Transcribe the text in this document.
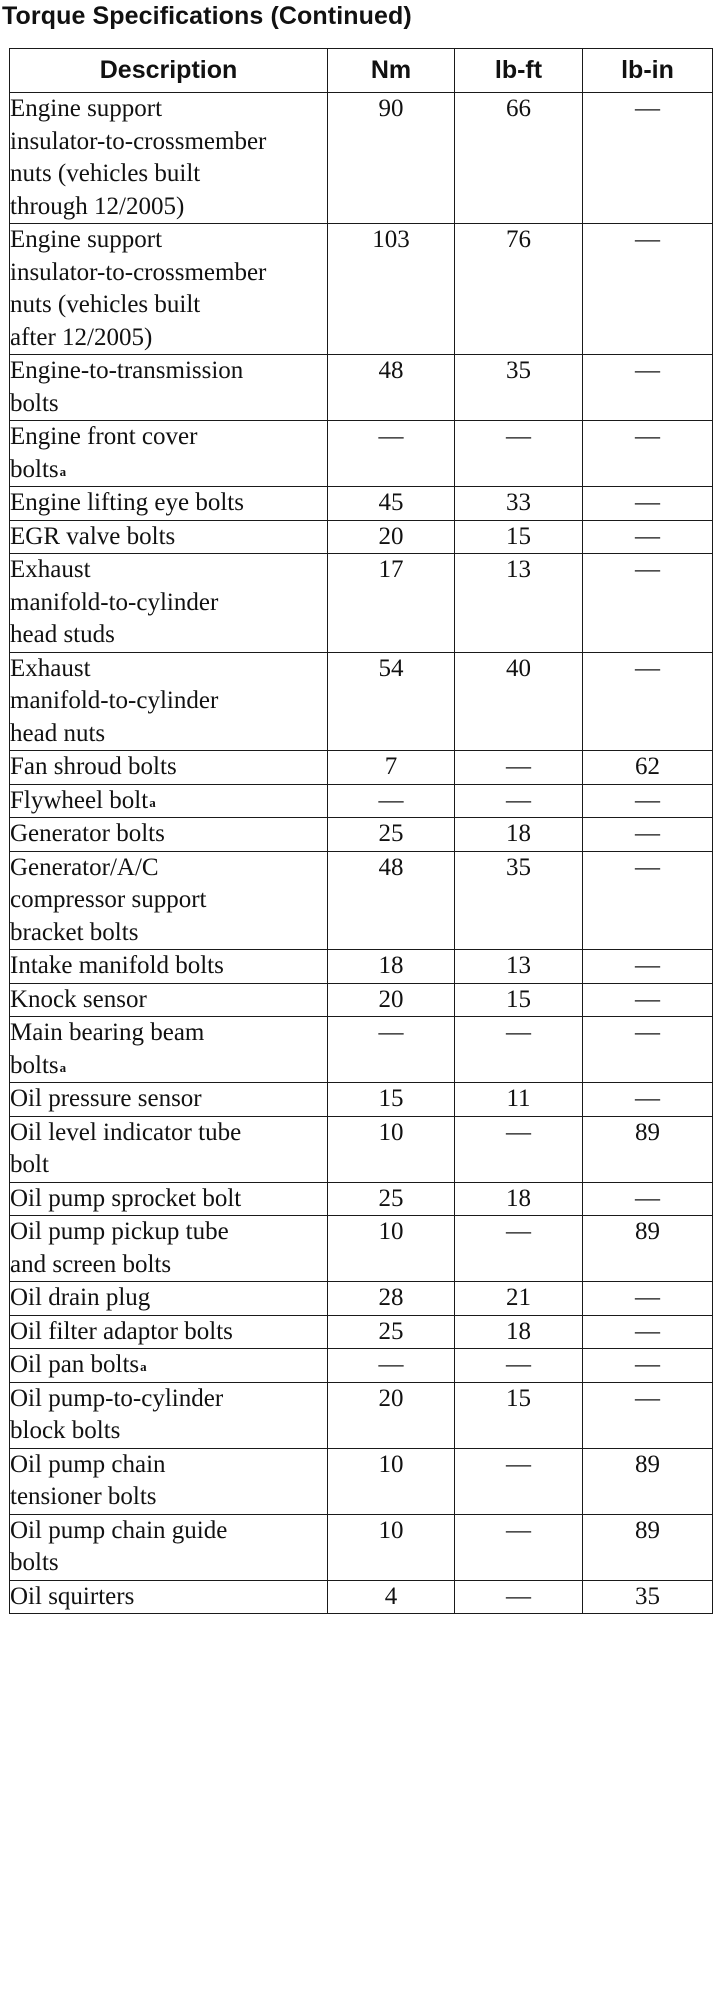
Torque Specifications (Continued)
Description	Nm	lb-ft	lb-in
Engine support
insulator-to-crossmember
nuts (vehicles built
through 12/2005)	90	66	—
Engine support
insulator-to-crossmember
nuts (vehicles built
after 12/2005)	103	76	—
Engine-to-transmission
bolts	48	35	—
Engine front cover
bolts$^a$	—	—	—
Engine lifting eye bolts	45	33	—
EGR valve bolts	20	15	—
Exhaust
manifold-to-cylinder
head studs	17	13	—
Exhaust
manifold-to-cylinder
head nuts	54	40	—
Fan shroud bolts	7	—	62
Flywheel bolt$^a$	—	—	—
Generator bolts	25	18	—
Generator/A/C
compressor support
bracket bolts	48	35	—
Intake manifold bolts	18	13	—
Knock sensor	20	15	—
Main bearing beam
bolts$^a$	—	—	—
Oil pressure sensor	15	11	—
Oil level indicator tube
bolt	10	—	89
Oil pump sprocket bolt	25	18	—
Oil pump pickup tube
and screen bolts	10	—	89
Oil drain plug	28	21	—
Oil filter adaptor bolts	25	18	—
Oil pan bolts$^a$	—	—	—
Oil pump-to-cylinder
block bolts	20	15	—
Oil pump chain
tensioner bolts	10	—	89
Oil pump chain guide
bolts	10	—	89
Oil squirters	4	—	35
